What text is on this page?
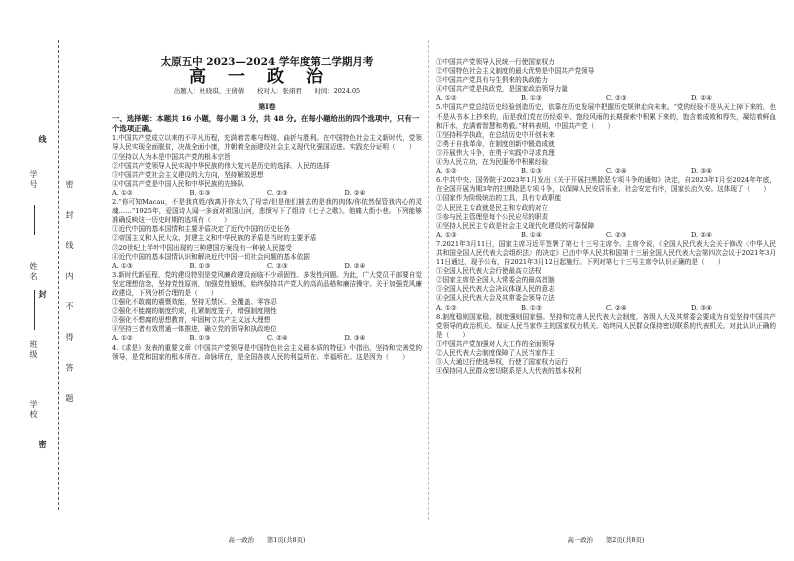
学号
姓名
班级
学校	密 封 线 内 不 得 答 题
线
封
密
太原五中 2023—2024 学年度第二学期月考
高一政治
出题人：杜晓琪、王倩倩　　校对人：张翊君　　时间：2024.05
第Ⅰ卷
一、选择题：本题共 16 小题，每小题 3 分，共 48 分。在每小题给出的四个选项中，只有一个选项正确。

1.中国共产党成立以来的不平凡历程，充满着苦难与辉煌、曲折与胜利。在中国特色社会主义新时代，党领导人民实现全面脱贫，决战全面小康，并朝着全面建设社会主义现代化强国迈进。实践充分证明（　　）

①坚持以人为本是中国共产党的根本宗旨

②中国共产党领导人民实现中华民族的伟大复兴是历史的选择、人民的选择

③中国共产党社会主义建设的大方向，坚持解放思想

④中国共产党是中国人民和中华民族的先锋队

A. ①②	B. ①③	C. ②③	D. ②④

2.“你可知Macau，不是我真姓/我离开你太久了母亲/但是他们掳去的是我的肉体/你依然保管我内心的灵魂……”1925年，爱国诗人闻一多面对祖国山河，悲愤写下了组诗《七子之歌》。他痛大街小巷。下列能够准确反映这一历史时期的选项有（　　）

①近代中国的基本国情和主要矛盾决定了近代中国的历史任务

②帝国主义和人民大众、封建主义和中华民族的矛盾是当时的主要矛盾

③20世纪上半叶中国出现的三种建国方案没有一种被人民接受

④近代中国的基本国情认识和解决近代中国一切社会问题的基本依据

A. ①③	B. ①③	C. ②③	D. ②④

3.新时代新征程，党的建设特别是党风廉政建设面临不少顽固性、多发性问题。为此，广大党员干部要自觉坚定理想信念，坚持党性原则，加强党性锻炼，始终保持共产党人的高尚品格和廉洁操守。关于加强党风廉政建设，下列分析合理的是（　　）

①强化不敢腐的震慑效能，坚持无禁区、全覆盖、零容忍

②强化不能腐的制度约束，扎紧制度笼子，增强制度刚性

③强化不想腐的思想教育，牢固树立共产主义远大理想

④坚持三者有效贯通一体推进，确立党的领导和执政地位

A. ①②	B. ①③	C. ②④	D. ③④

4.《求是》发表的重要文章《中国共产党领导是中国特色社会主义最本质的特征》中指出，坚持和完善党的领导，是党和国家的根本所在、命脉所在，是全国各族人民的利益所在、幸福所在。这是因为（　　）

高一政治　　第1页(共8页)

①中国共产党领导人民统一行使国家权力

②中国特色社会主义制度的最大优势是中国共产党领导

③中国共产党具有与生俱来的执政能力

④中国共产党是执政党，是国家政治领导力量

A. ①②	B. ①③	C. ②③	D. ②④

5.中国共产党总结历史经验创造历史，依靠在历史发展中把握历史规律走向未来。“党的经验不是从天上掉下来的，也不是从书本上抄来的，而是我们党在历经艰辛、饱经风雨的长期探索中积累下来的，饱含着成败和得失，凝结着鲜血和汗水，充满着智慧和勇毅。”材料表明，中国共产党（　　）

①坚持科学执政，在总结历史中开创未来

②勇于自我革命，在制度创新中锻造成就

③开展伟大斗争，在勇于实践中寻求真理

④为人民立功，在为民服务中积累经验

A. ①②	B. ①③	C. ②④	D. ③④

6.中共中央、国务院于2023年1月发出《关于开展扫黑除恶专项斗争的通知》决定，自2023年1月至2024年年底，在全国开展为期3年的扫黑除恶专项斗争，以保障人民安居乐业、社会安定有序，国家长治久安。这体现了（　　）

①国家作为阶级统治的工具，具有专政职能

②人民民主专政就是民主和专政的对立

③参与民主管理是每个公民应尽的职责

④坚持人民民主专政是社会主义现代化建设的可靠保障

A. ①③	B. ①④	C. ②③	D. ②④

7.2021年3月11日，国家主席习近平签署了第七十三号主席令。主席令说，《全国人民代表大会关于修改〈中华人民共和国全国人民代表大会组织法〉的决定》已由中华人民共和国第十三届全国人民代表大会第四次会议于2021年3月11日通过，现予公布，自2021年3月12日起施行。下列对第七十三号主席令认识正确的是（　　）

①全国人民代表大会行使最高立法权

②国家主席是全国人大常委会的最高首脑

③全国人民代表大会决议体现人民的意志

④全国人民代表大会及其常委会领导立法

A. ①②	B. ①③	C. ②④	D. ③④

8.制度稳则国家稳，制度强则国家强。坚持和完善人民代表大会制度，各级人大及其常委会要成为自觉坚持中国共产党领导的政治机关、保证人民当家作主的国家权力机关、始终同人民群众保持密切联系的代表机关。对此认识正确的是（　　）

①中国共产党加强对人大工作的全面领导

②人民代表大会制度保障了人民当家作主

③人大通过行使选举权，行使了国家权力运行

④保持同人民群众密切联系是人大代表的基本权利

高一政治　　第2页(共8页)
